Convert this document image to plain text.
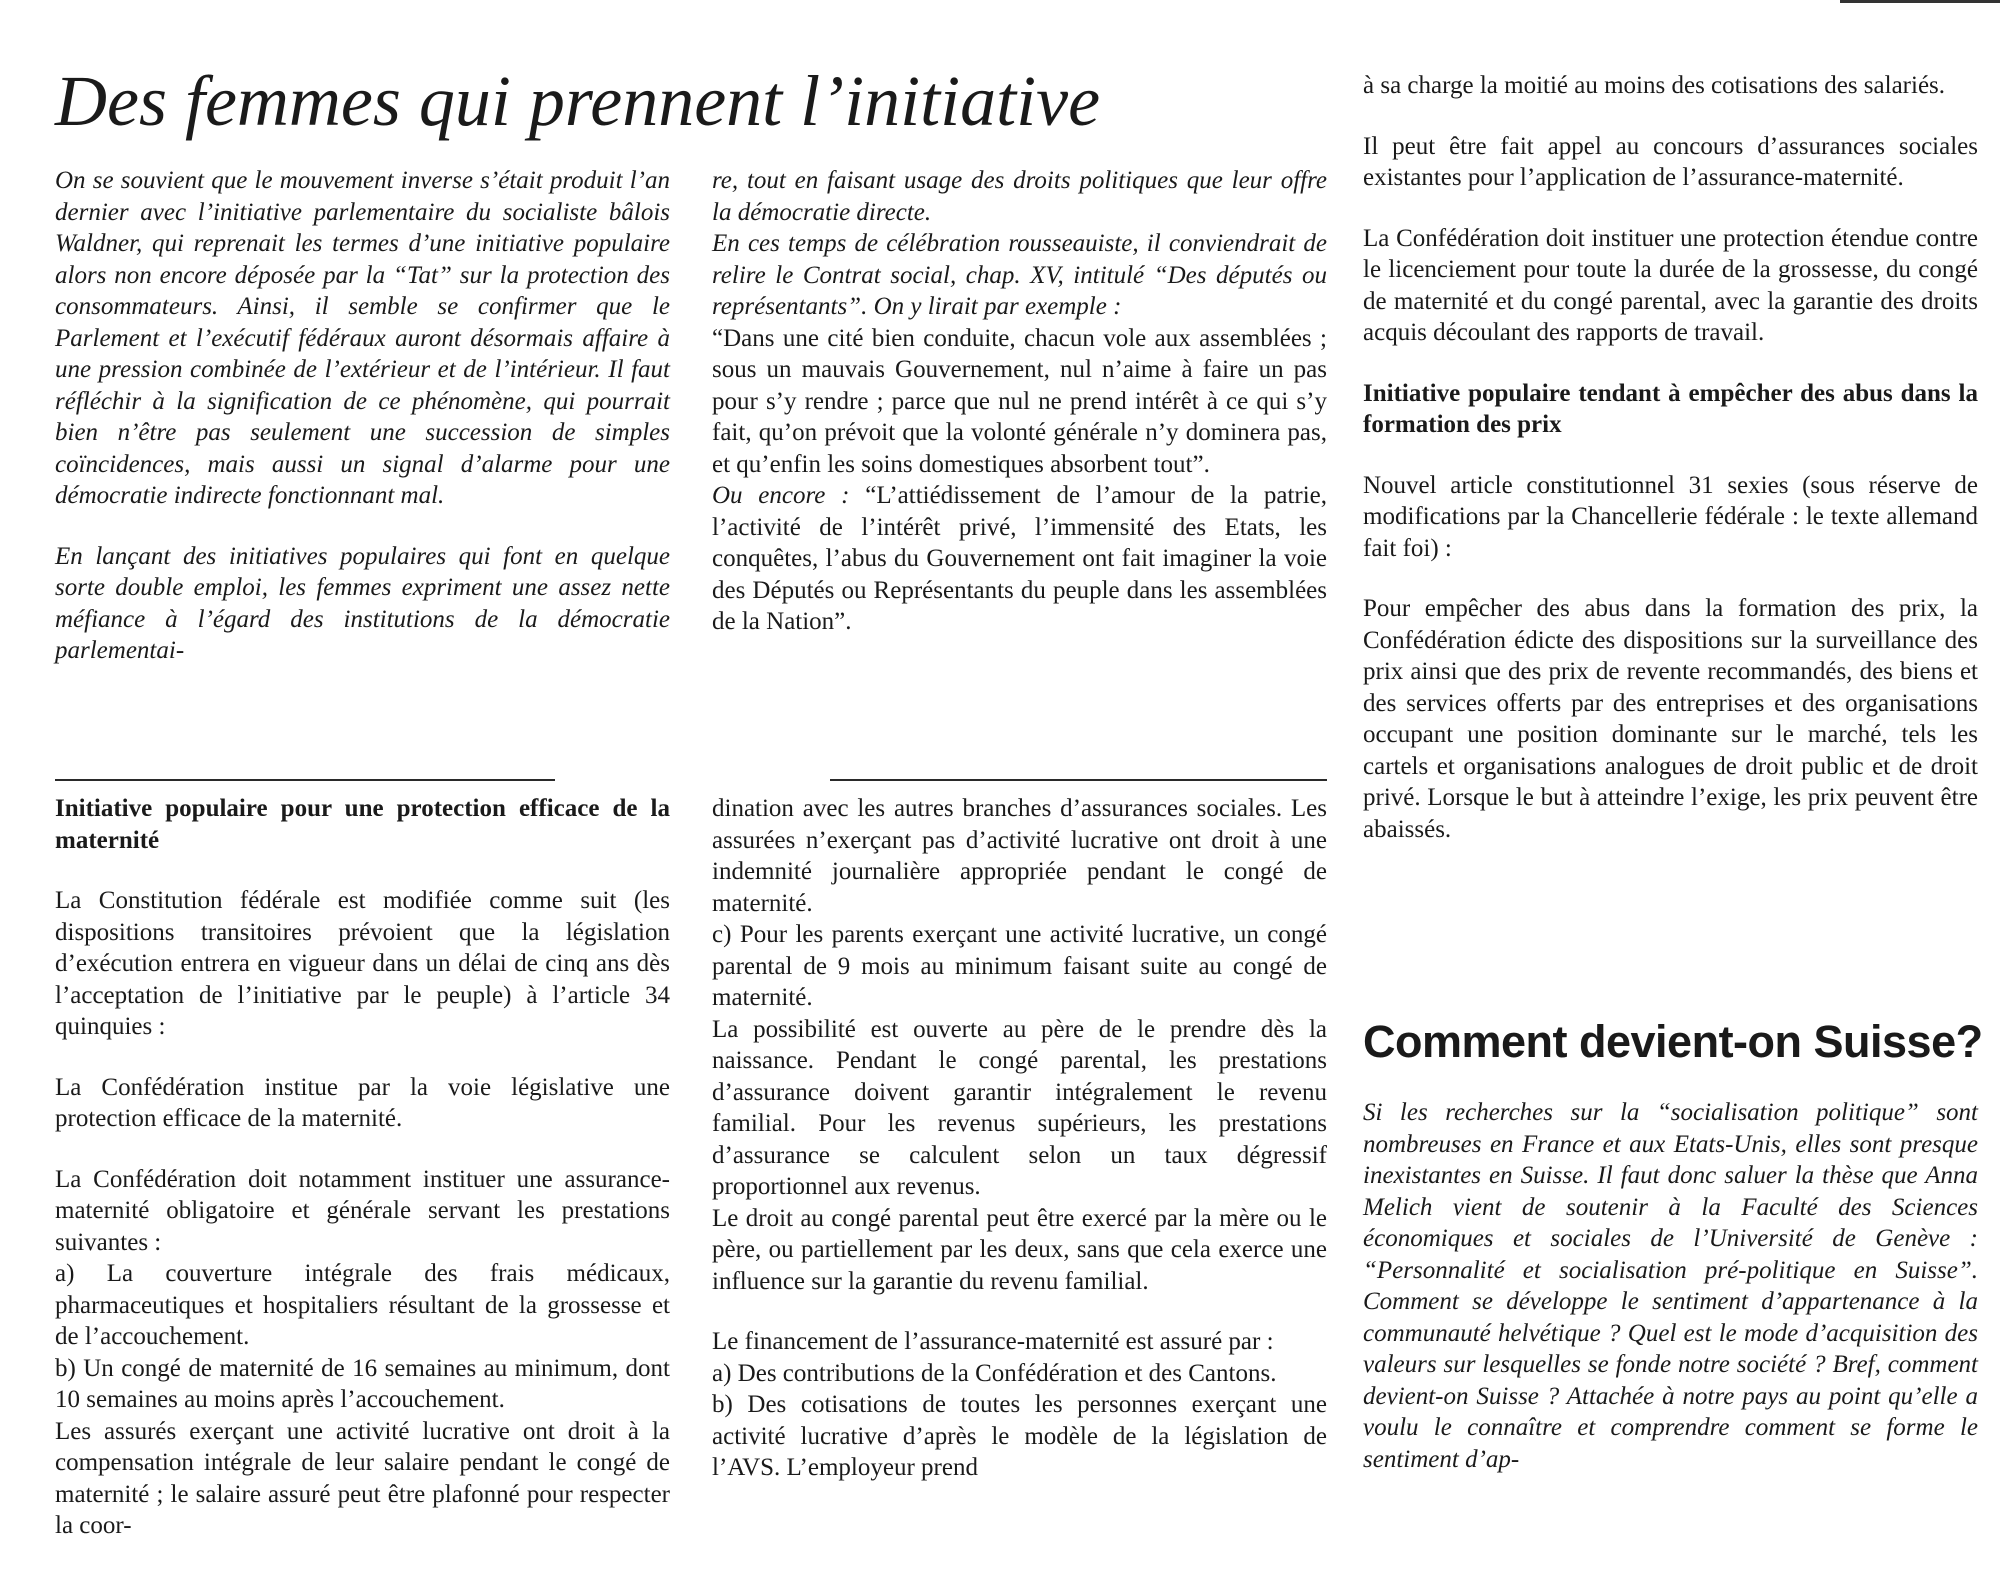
Des femmes qui prennent l’initiative

On se souvient que le mouvement inverse s’était produit l’an dernier avec l’initiative parlementaire du socialiste bâlois Waldner, qui reprenait les termes d’une initiative populaire alors non encore déposée par la “Tat” sur la protection des consommateurs. Ainsi, il semble se confirmer que le Parlement et l’exécutif fédéraux auront désormais affaire à une pression combinée de l’extérieur et de l’intérieur. Il faut réfléchir à la signification de ce phénomène, qui pourrait bien n’être pas seulement une succession de simples coïncidences, mais aussi un signal d’alarme pour une démocratie indirecte fonctionnant mal.

En lançant des initiatives populaires qui font en quelque sorte double emploi, les femmes expriment une assez nette méfiance à l’égard des institutions de la démocratie parlementai-

re, tout en faisant usage des droits politiques que leur offre la démocratie directe.

En ces temps de célébration rousseauiste, il conviendrait de relire le Contrat social, chap. XV, intitulé “Des députés ou représentants”. On y lirait par exemple :

“Dans une cité bien conduite, chacun vole aux assemblées ; sous un mauvais Gouvernement, nul n’aime à faire un pas pour s’y rendre ; parce que nul ne prend intérêt à ce qui s’y fait, qu’on prévoit que la volonté générale n’y dominera pas, et qu’enfin les soins domestiques absorbent tout”.

Ou encore : “L’attiédissement de l’amour de la patrie, l’activité de l’intérêt privé, l’immensité des Etats, les conquêtes, l’abus du Gouvernement ont fait imaginer la voie des Députés ou Représentants du peuple dans les assemblées de la Nation”.

Initiative populaire pour une protection efficace de la maternité

La Constitution fédérale est modifiée comme suit (les dispositions transitoires prévoient que la législation d’exécution entrera en vigueur dans un délai de cinq ans dès l’acceptation de l’initiative par le peuple) à l’article 34 quinquies :

La Confédération institue par la voie législative une protection efficace de la maternité.

La Confédération doit notamment instituer une assurance-maternité obligatoire et générale servant les prestations suivantes :

a) La couverture intégrale des frais médicaux, pharmaceutiques et hospitaliers résultant de la grossesse et de l’accouchement.

b) Un congé de maternité de 16 semaines au minimum, dont 10 semaines au moins après l’accouchement.

Les assurés exerçant une activité lucrative ont droit à la compensation intégrale de leur salaire pendant le congé de maternité ; le salaire assuré peut être plafonné pour respecter la coor-

dination avec les autres branches d’assurances sociales. Les assurées n’exerçant pas d’activité lucrative ont droit à une indemnité journalière appropriée pendant le congé de maternité.

c) Pour les parents exerçant une activité lucrative, un congé parental de 9 mois au minimum faisant suite au congé de maternité.

La possibilité est ouverte au père de le prendre dès la naissance. Pendant le congé parental, les prestations d’assurance doivent garantir intégralement le revenu familial. Pour les revenus supérieurs, les prestations d’assurance se calculent selon un taux dégressif proportionnel aux revenus.

Le droit au congé parental peut être exercé par la mère ou le père, ou partiellement par les deux, sans que cela exerce une influence sur la garantie du revenu familial.

Le financement de l’assurance-maternité est assuré par :

a) Des contributions de la Confédération et des Cantons.

b) Des cotisations de toutes les personnes exerçant une activité lucrative d’après le modèle de la législation de l’AVS. L’employeur prend

à sa charge la moitié au moins des cotisations des salariés.

Il peut être fait appel au concours d’assurances sociales existantes pour l’application de l’assurance-maternité.

La Confédération doit instituer une protection étendue contre le licenciement pour toute la durée de la grossesse, du congé de maternité et du congé parental, avec la garantie des droits acquis découlant des rapports de travail.

Initiative populaire tendant à empêcher des abus dans la formation des prix

Nouvel article constitutionnel 31 sexies (sous réserve de modifications par la Chancellerie fédérale : le texte allemand fait foi) :

Pour empêcher des abus dans la formation des prix, la Confédération édicte des dispositions sur la surveillance des prix ainsi que des prix de revente recommandés, des biens et des services offerts par des entreprises et des organisations occupant une position dominante sur le marché, tels les cartels et organisations analogues de droit public et de droit privé. Lorsque le but à atteindre l’exige, les prix peuvent être abaissés.

Comment devient-on Suisse?

Si les recherches sur la “socialisation politique” sont nombreuses en France et aux Etats-Unis, elles sont presque inexistantes en Suisse. Il faut donc saluer la thèse que Anna Melich vient de soutenir à la Faculté des Sciences économiques et sociales de l’Université de Genève : “Personnalité et socialisation pré-politique en Suisse”. Comment se développe le sentiment d’appartenance à la communauté helvétique ? Quel est le mode d’acquisition des valeurs sur lesquelles se fonde notre société ? Bref, comment devient-on Suisse ? Attachée à notre pays au point qu’elle a voulu le connaître et comprendre comment se forme le sentiment d’ap-
